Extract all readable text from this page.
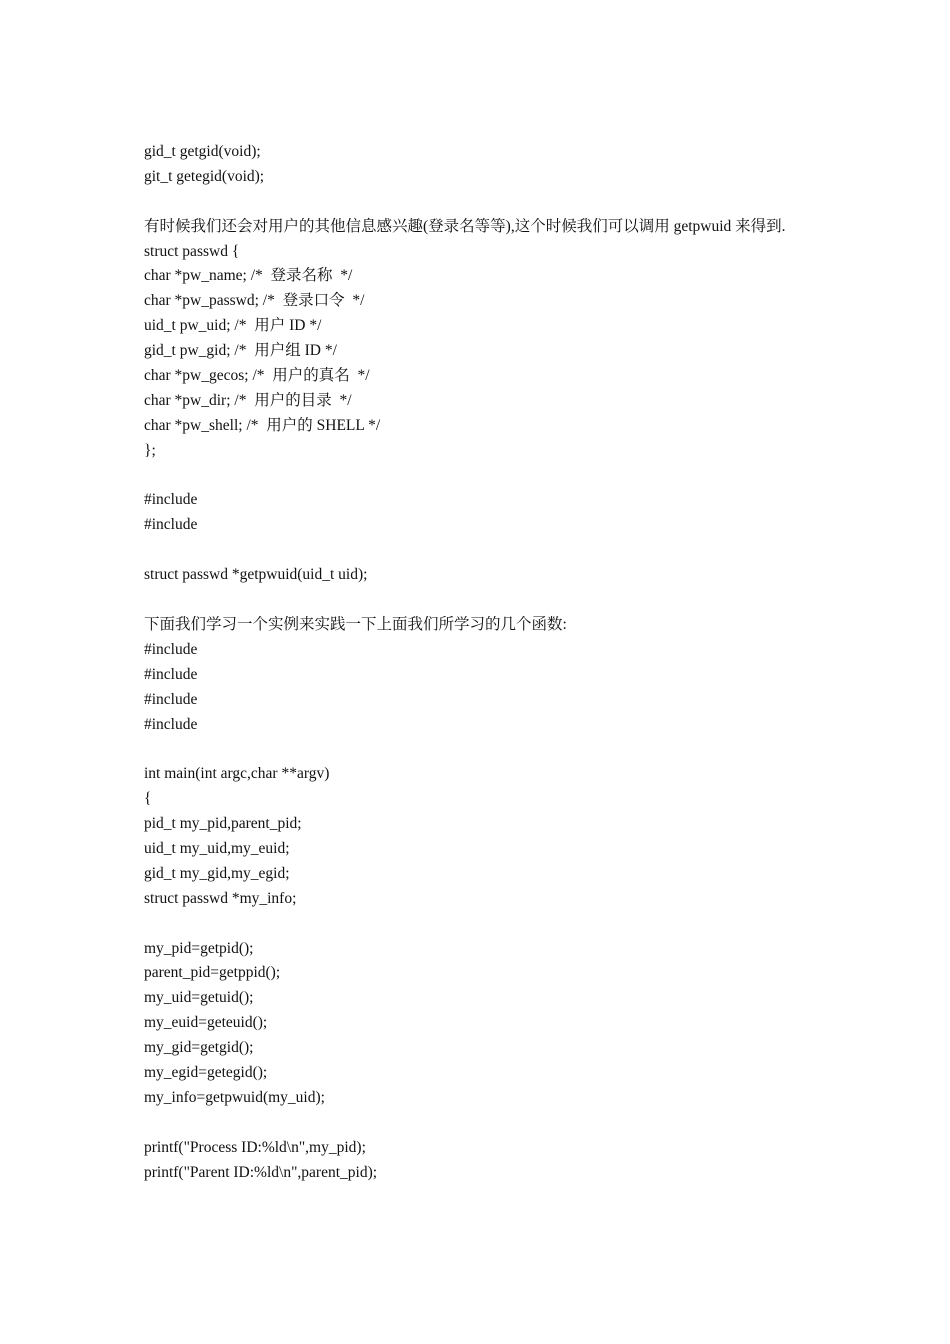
gid_t getgid(void);
git_t getegid(void);
有时候我们还会对用户的其他信息感兴趣(登录名等等),这个时候我们可以调用 getpwuid 来得到.
struct passwd {
char *pw_name; /*  登录名称  */
char *pw_passwd; /*  登录口令  */
uid_t pw_uid; /*  用户 ID */
gid_t pw_gid; /*  用户组 ID */
char *pw_gecos; /*  用户的真名  */
char *pw_dir; /*  用户的目录  */
char *pw_shell; /*  用户的 SHELL */
};
#include
#include
struct passwd *getpwuid(uid_t uid);
下面我们学习一个实例来实践一下上面我们所学习的几个函数:
#include
#include
#include
#include
int main(int argc,char **argv)
{
pid_t my_pid,parent_pid;
uid_t my_uid,my_euid;
gid_t my_gid,my_egid;
struct passwd *my_info;
my_pid=getpid();
parent_pid=getppid();
my_uid=getuid();
my_euid=geteuid();
my_gid=getgid();
my_egid=getegid();
my_info=getpwuid(my_uid);
printf("Process ID:%ld\n",my_pid);
printf("Parent ID:%ld\n",parent_pid);
